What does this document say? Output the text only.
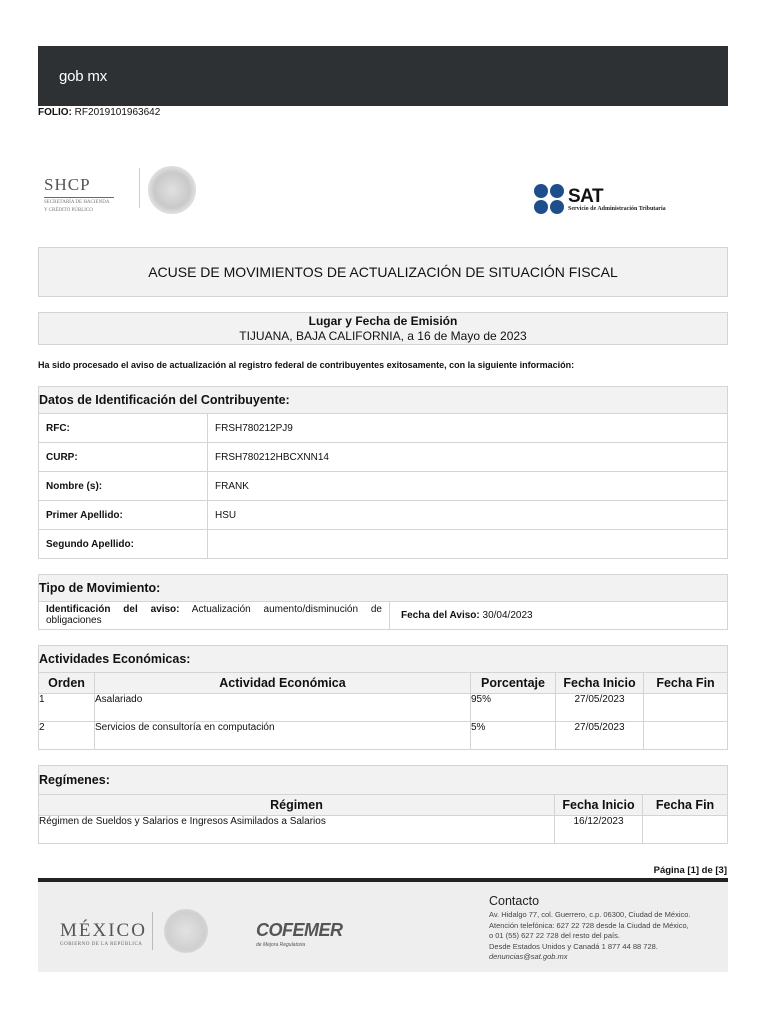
gob mx
FOLIO: RF2019101963642
SHCP
SECRETARÍA DE HACIENDA
Y CRÉDITO PÚBLICO
SAT
Servicio de Administración Tributaria
ACUSE DE MOVIMIENTOS DE ACTUALIZACIÓN DE SITUACIÓN FISCAL
Lugar y Fecha de Emisión
TIJUANA, BAJA CALIFORNIA, a 16 de Mayo de 2023
Ha sido procesado el aviso de actualización al registro federal de contribuyentes exitosamente, con la siguiente información:
Datos de Identificación del Contribuyente:
RFC:	FRSH780212PJ9
CURP:	FRSH780212HBCXNN14
Nombre (s):	FRANK
Primer Apellido:	HSU
Segundo Apellido:
Tipo de Movimiento:
Identificación del aviso: Actualización aumento/disminución de obligaciones	Fecha del Aviso:
30/04/2023
Actividades Económicas:
Orden	Actividad Económica	Porcentaje	Fecha Inicio	Fecha Fin
1	Asalariado	95%	27/05/2023	
2	Servicios de consultoría en computación	5%	27/05/2023	
Regímenes:
Régimen	Fecha Inicio	Fecha Fin
Régimen de Sueldos y Salarios e Ingresos Asimilados a Salarios	16/12/2023	
Página [1] de [3]
MÉXICO
GOBIERNO DE LA REPÚBLICA
COFEMER
de Mejora Regulatoria
Contacto
Av. Hidalgo 77, col. Guerrero, c.p. 06300, Ciudad de México.
Atención telefónica: 627 22 728 desde la Ciudad de México,
o 01 (55) 627 22 728 del resto del país.
Desde Estados Unidos y Canadá 1 877 44 88 728.
denuncias@sat.gob.mx
